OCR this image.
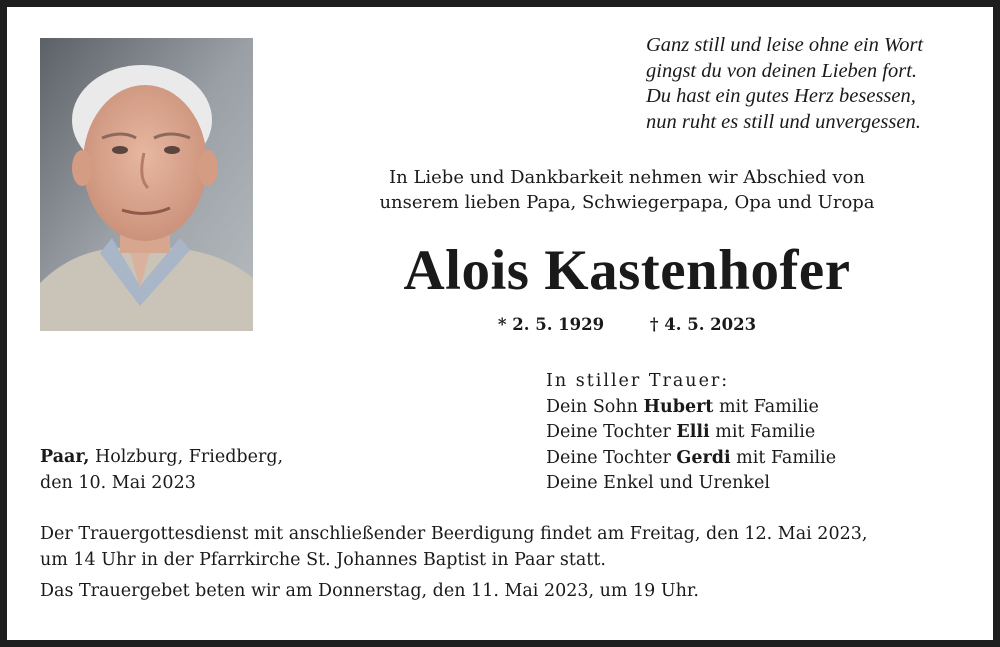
Ganz still und leise ohne ein Wort
gingst du von deinen Lieben fort.
Du hast ein gutes Herz besessen,
nun ruht es still und unvergessen.
In Liebe und Dankbarkeit nehmen wir Abschied von
unserem lieben Papa, Schwiegerpapa, Opa und Uropa
Alois Kastenhofer
* 2. 5. 1929	† 4. 5. 2023
In stiller Trauer:
Dein Sohn Hubert mit Familie
Deine Tochter Elli mit Familie
Deine Tochter Gerdi mit Familie
Deine Enkel und Urenkel
Paar, Holzburg, Friedberg,
den 10. Mai 2023
Der Trauergottesdienst mit anschließender Beerdigung findet am Freitag, den 12. Mai 2023,
um 14 Uhr in der Pfarrkirche St. Johannes Baptist in Paar statt.
Das Trauergebet beten wir am Donnerstag, den 11. Mai 2023, um 19 Uhr.
